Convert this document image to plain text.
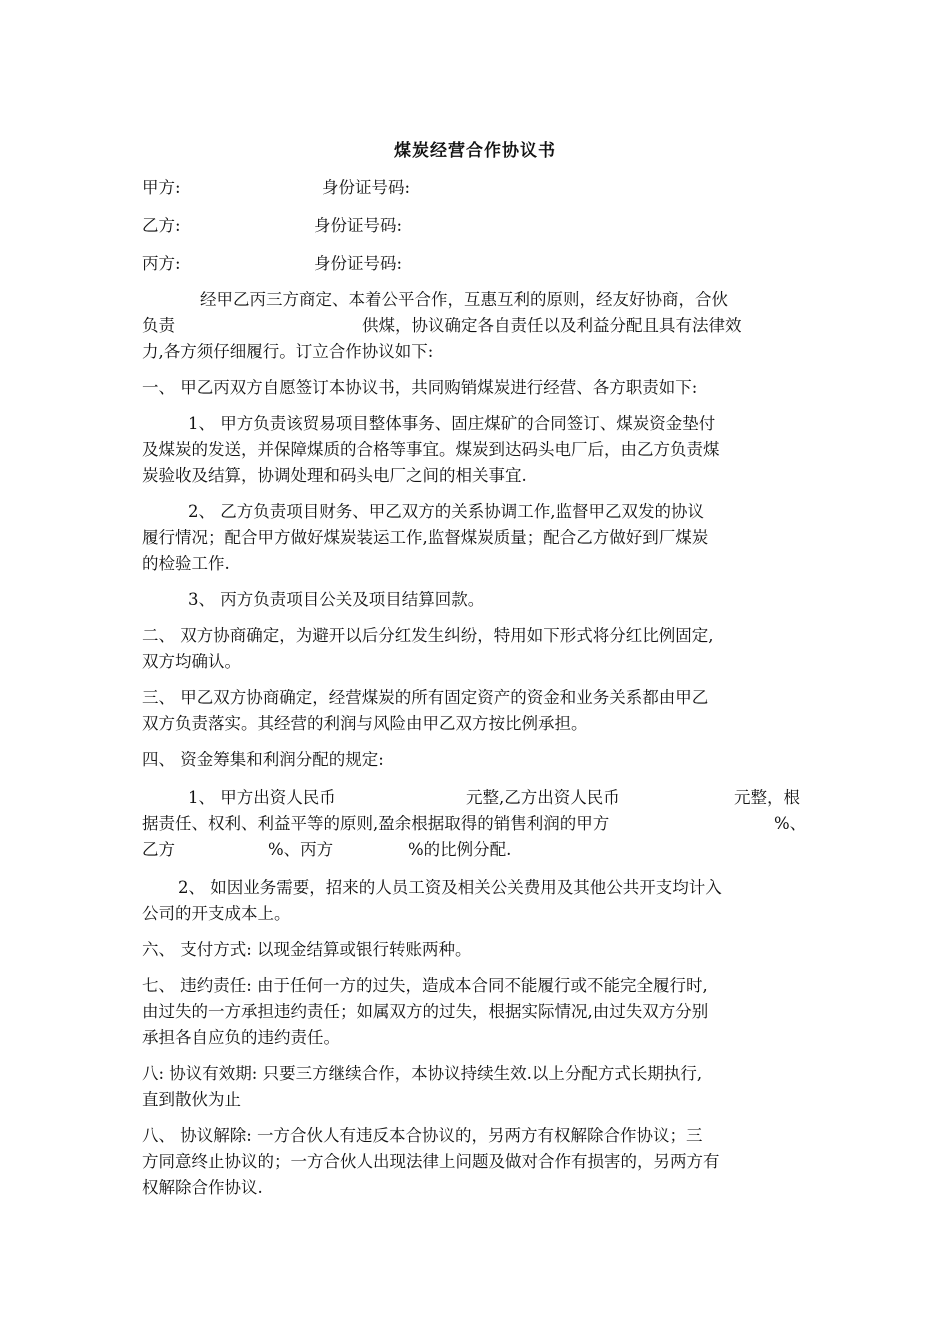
煤炭经营合作协议书
甲方:	身份证号码:
乙方:	身份证号码:
丙方:	身份证号码:
经甲乙丙三方商定、本着公平合作，互惠互利的原则，经友好协商，合伙
负责	供煤，协议确定各自责任以及利益分配且具有法律效
力,各方须仔细履行。订立合作协议如下:
一、 甲乙丙双方自愿签订本协议书，共同购销煤炭进行经营、各方职责如下:
1、 甲方负责该贸易项目整体事务、固庄煤矿的合同签订、煤炭资金垫付
及煤炭的发送，并保障煤质的合格等事宜。煤炭到达码头电厂后，由乙方负责煤
炭验收及结算，协调处理和码头电厂之间的相关事宜.
2、 乙方负责项目财务、甲乙双方的关系协调工作,监督甲乙双发的协议
履行情况；配合甲方做好煤炭装运工作,监督煤炭质量；配合乙方做好到厂煤炭
的检验工作.
3、 丙方负责项目公关及项目结算回款。
二、 双方协商确定，为避开以后分红发生纠纷，特用如下形式将分红比例固定,
双方均确认。
三、 甲乙双方协商确定，经营煤炭的所有固定资产的资金和业务关系都由甲乙
双方负责落实。其经营的利润与风险由甲乙双方按比例承担。
四、 资金筹集和利润分配的规定:
1、 甲方出资人民币	元整,乙方出资人民币	元整，根
据责任、权利、利益平等的原则,盈余根据取得的销售利润的甲方	%、
乙方	%、丙方	%的比例分配.
2、 如因业务需要，招来的人员工资及相关公关费用及其他公共开支均计入
公司的开支成本上。
六、 支付方式: 以现金结算或银行转账两种。
七、 违约责任: 由于任何一方的过失，造成本合同不能履行或不能完全履行时,
由过失的一方承担违约责任；如属双方的过失，根据实际情况,由过失双方分别
承担各自应负的违约责任。
八: 协议有效期: 只要三方继续合作，本协议持续生效.以上分配方式长期执行,
直到散伙为止
八、 协议解除: 一方合伙人有违反本合协议的，另两方有权解除合作协议；三
方同意终止协议的；一方合伙人出现法律上问题及做对合作有损害的，另两方有
权解除合作协议.
